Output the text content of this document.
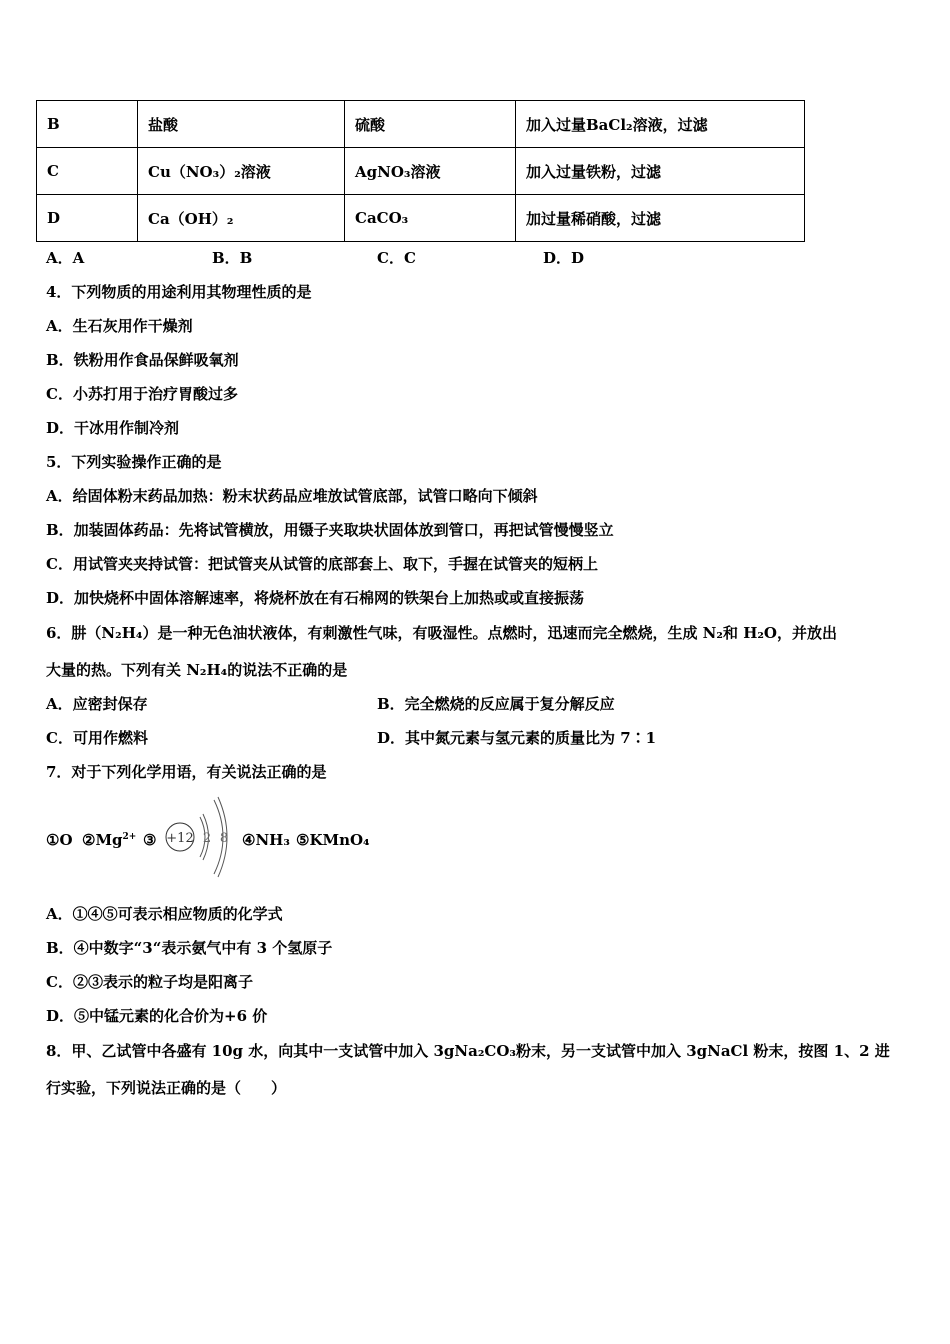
B	盐酸	硫酸	加入过量BaCl₂溶液，过滤
C	Cu（NO₃）₂溶液	AgNO₃溶液	加入过量铁粉，过滤
D	Ca（OH）₂	CaCO₃	加过量稀硝酸，过滤
A．A	B．B	C．C	D．D
4．下列物质的用途利用其物理性质的是
A．生石灰用作干燥剂
B．铁粉用作食品保鲜吸氧剂
C．小苏打用于治疗胃酸过多
D．干冰用作制冷剂
5．下列实验操作正确的是
A．给固体粉末药品加热：粉末状药品应堆放试管底部，试管口略向下倾斜
B．加装固体药品：先将试管横放，用镊子夹取块状固体放到管口，再把试管慢慢竖立
C．用试管夹夹持试管：把试管夹从试管的底部套上、取下，手握在试管夹的短柄上
D．加快烧杯中固体溶解速率，将烧杯放在有石棉网的铁架台上加热或或直接振荡
6．肼（N₂H₄）是一种无色油状液体，有刺激性气味，有吸湿性。点燃时，迅速而完全燃烧，生成 N₂和 H₂O，并放出
大量的热。下列有关 N₂H₄的说法不正确的是
A．应密封保存	B．完全燃烧的反应属于复分解反应
C．可用作燃料	D．其中氮元素与氢元素的质量比为 7∶1
7．对于下列化学用语，有关说法正确的是
①O $②Mg^{2+}$ ③ +12 2 8 ④NH₃ ⑤KMnO₄
A．①④⑤可表示相应物质的化学式
B．④中数字“3“表示氨气中有 3 个氢原子
C．②③表示的粒子均是阳离子
D．⑤中锰元素的化合价为+6 价
8．甲、乙试管中各盛有 10g 水，向其中一支试管中加入 3gNa₂CO₃粉末，另一支试管中加入 3gNaCl 粉末，按图 1、2 进
行实验，下列说法正确的是（　　）
